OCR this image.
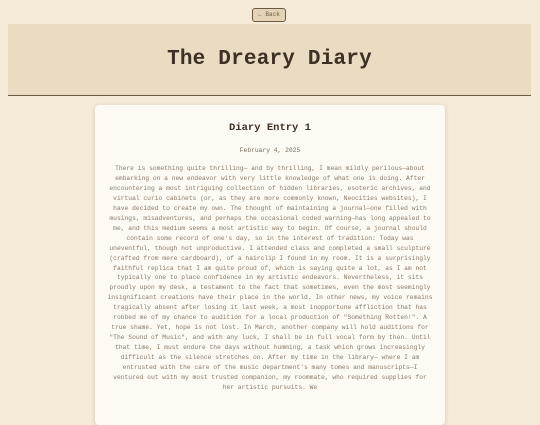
← Back
The Dreary Diary
Diary Entry 1
February 4, 2025

There is something quite thrilling— and by thrilling, I mean mildly perilous—about embarking on a new endeavor with very little knowledge of what one is doing. After encountering a most intriguing collection of hidden libraries, esoteric archives, and virtual curio cabinets (or, as they are more commonly known, Neocities websites), I have decided to create my own. The thought of maintaining a journal—one filled with musings, misadventures, and perhaps the occasional coded warning—has long appealed to me, and this medium seems a most artistic way to begin. Of course, a journal should contain some record of one's day, so in the interest of tradition: Today was uneventful, though not unproductive. I attended class and completed a small sculpture (crafted from mere cardboard), of a hairclip I found in my room. It is a surprisingly faithful replica that I am quite proud of, which is saying quite a lot, as I am not typically one to place confidence in my artistic endeavors. Nevertheless, it sits proudly upon my desk, a testament to the fact that sometimes, even the most seemingly insignificant creations have their place in the world. In other news, my voice remains tragically absent after losing it last week, a most inopportune affliction that has robbed me of my chance to audition for a local production of "Something Rotten!". A true shame. Yet, hope is not lost. In March, another company will hold auditions for "The Sound of Music", and with any luck, I shall be in full vocal form by then. Until that time, I must endure the days without humming, a task which grows increasingly difficult as the silence stretches on. After my time in the library— where I am entrusted with the care of the music department's many tomes and manuscripts—I ventured out with my most trusted companion, my roommate, who required supplies for her artistic pursuits. We
